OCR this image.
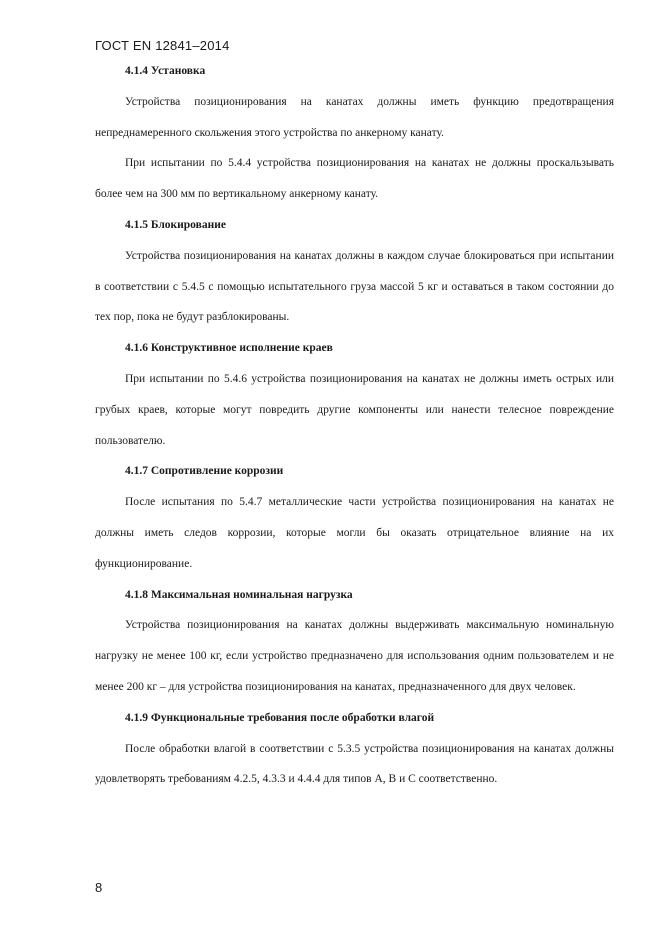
ГОСТ EN 12841–2014

4.1.4 Установка

Устройства позиционирования на канатах должны иметь функцию предотвращения непреднамеренного скольжения этого устройства по анкерному канату.

При испытании по 5.4.4 устройства позиционирования на канатах не должны проскальзывать более чем на 300 мм по вертикальному анкерному канату.

4.1.5 Блокирование

Устройства позиционирования на канатах должны в каждом случае блокироваться при испытании в соответствии с 5.4.5 с помощью испытательного груза массой 5 кг и оставаться в таком состоянии до тех пор, пока не будут разблокированы.

4.1.6 Конструктивное исполнение краев

При испытании по 5.4.6 устройства позиционирования на канатах не должны иметь острых или грубых краев, которые могут повредить другие компоненты или нанести телесное повреждение пользователю.

4.1.7 Сопротивление коррозии

После испытания по 5.4.7 металлические части устройства позиционирования на канатах не должны иметь следов коррозии, которые могли бы оказать отрицательное влияние на их функционирование.

4.1.8 Максимальная номинальная нагрузка

Устройства позиционирования на канатах должны выдерживать максимальную номинальную нагрузку не менее 100 кг, если устройство предназначено для использования одним пользователем и не менее 200 кг – для устройства позиционирования на канатах, предназначенного для двух человек.

4.1.9 Функциональные требования после обработки влагой

После обработки влагой в соответствии с 5.3.5 устройства позиционирования на канатах должны удовлетворять требованиям 4.2.5, 4.3.3 и 4.4.4 для типов А, В и С соответственно.

8
